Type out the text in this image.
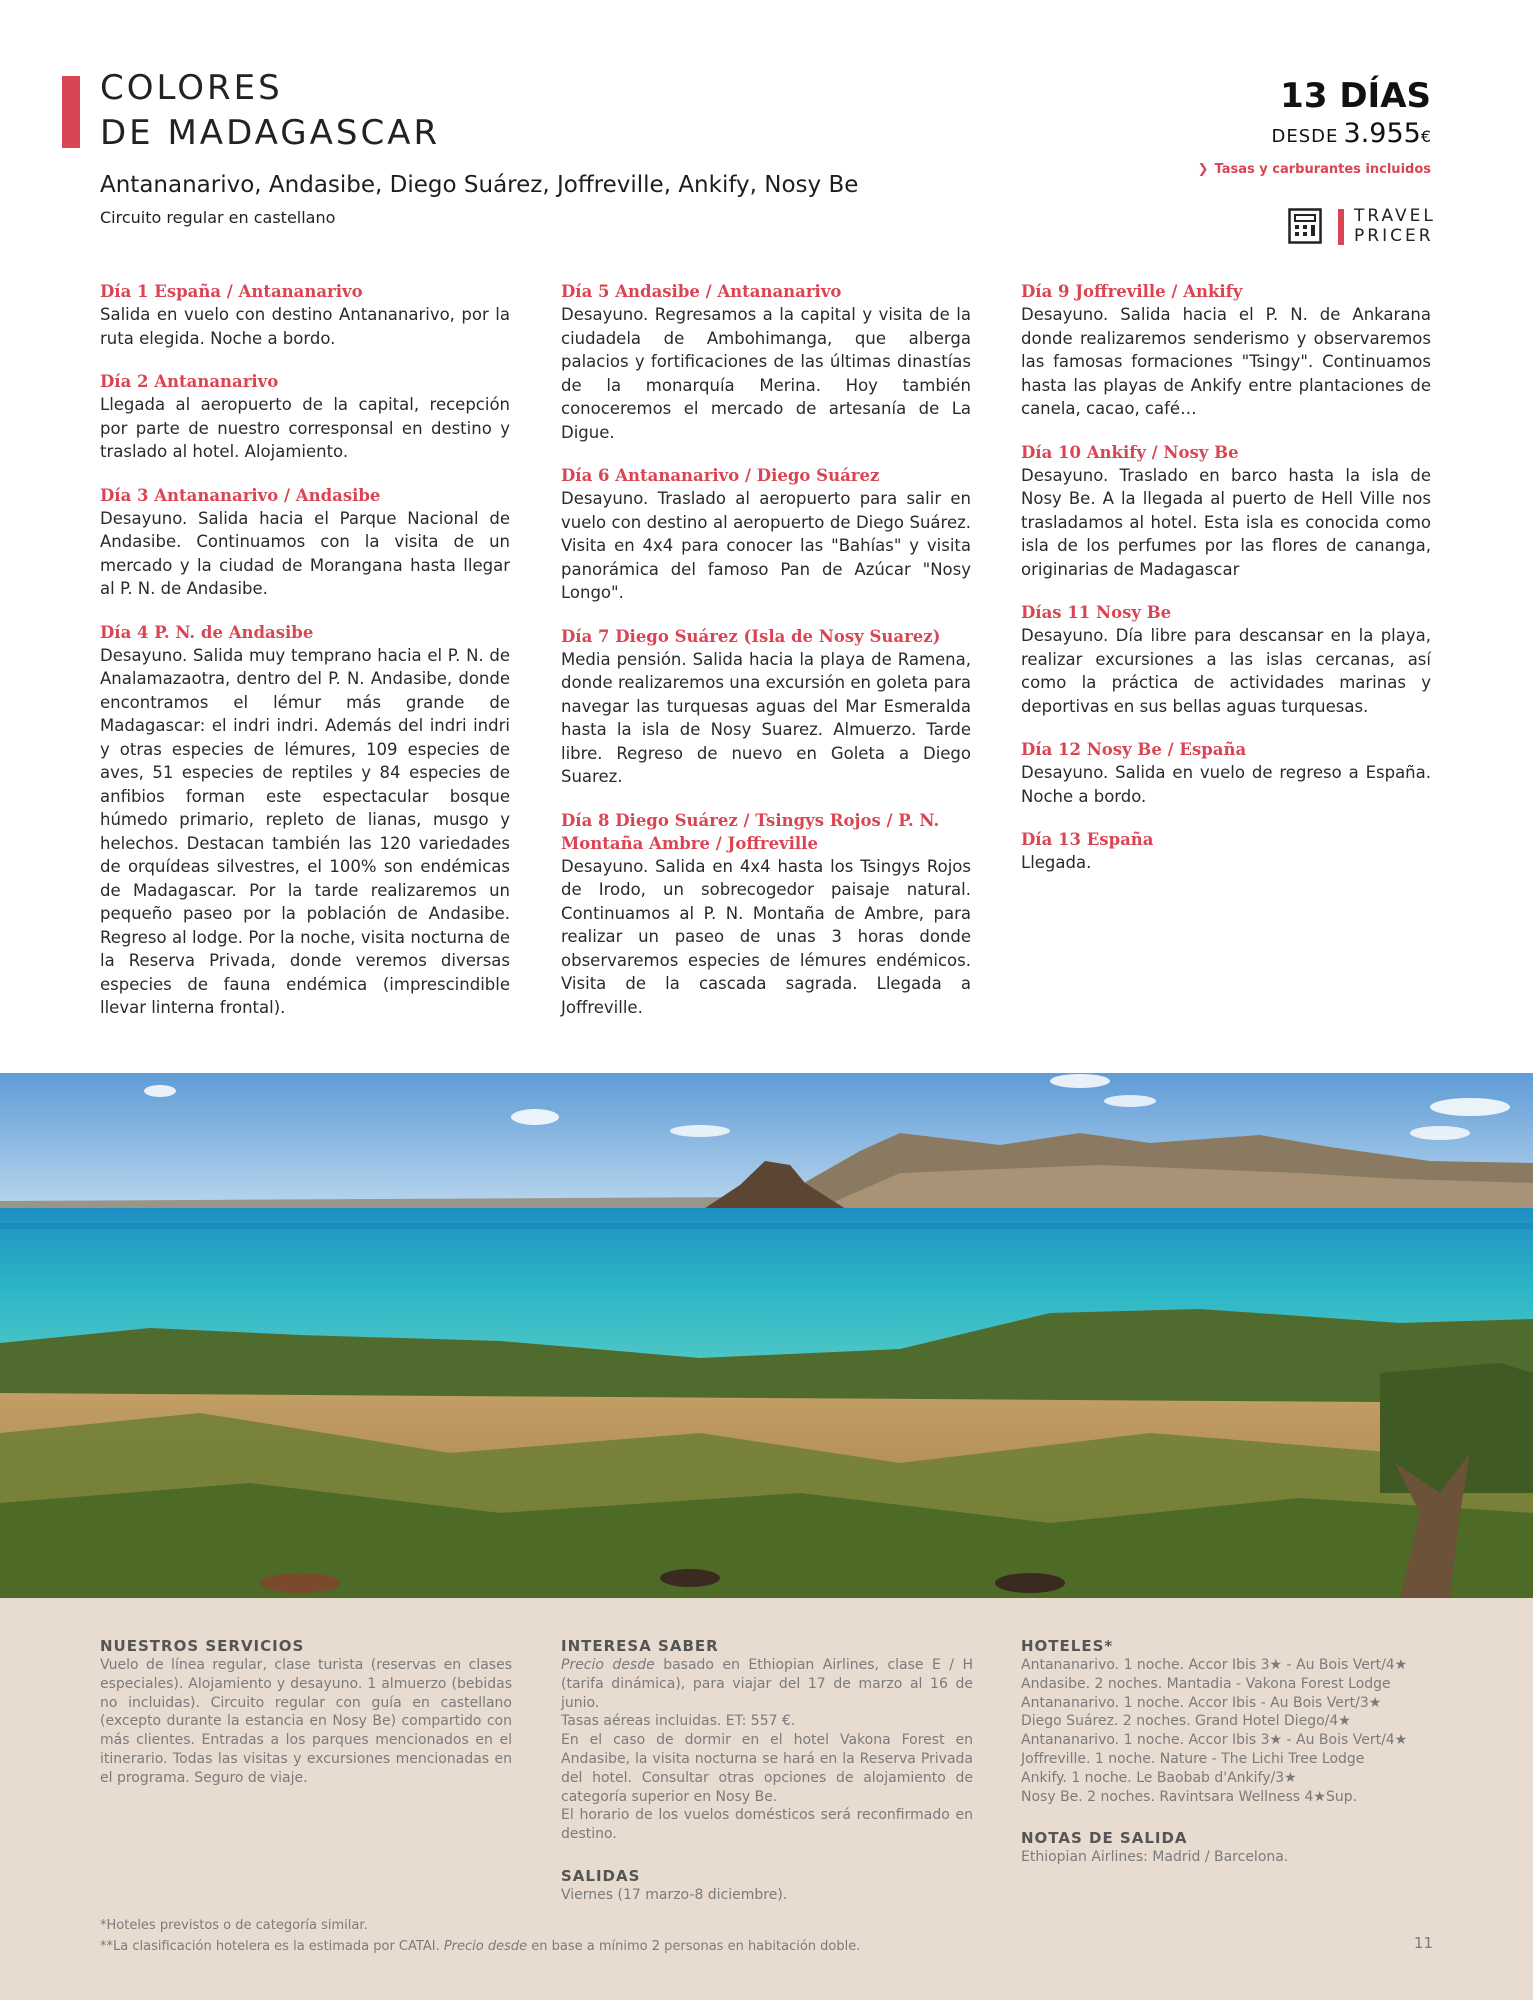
COLORES
DE MADAGASCAR
Antananarivo, Andasibe, Diego Suárez, Joffreville, Ankify, Nosy Be
Circuito regular en castellano
13 DÍAS
DESDE 3.955€
❯ Tasas y carburantes incluidos
TRAVEL
PRICER
Día 1 España / Antananarivo

Salida en vuelo con destino Antananarivo, por la ruta elegida. Noche a bordo.

Día 2 Antananarivo

Llegada al aeropuerto de la capital, recepción por parte de nuestro corresponsal en destino y traslado al hotel. Alojamiento.

Día 3 Antananarivo / Andasibe

Desayuno. Salida hacia el Parque Nacional de Andasibe. Continuamos con la visita de un mercado y la ciudad de Morangana hasta llegar al P. N. de Andasibe.

Día 4 P. N. de Andasibe

Desayuno. Salida muy temprano hacia el P. N. de Analamazaotra, dentro del P. N. Andasibe, donde encontramos el lémur más grande de Madagascar: el indri indri. Además del indri indri y otras especies de lémures, 109 especies de aves, 51 especies de reptiles y 84 especies de anfibios forman este espectacular bosque húmedo primario, repleto de lianas, musgo y helechos. Destacan también las 120 variedades de orquídeas silvestres, el 100% son endémicas de Madagascar. Por la tarde realizaremos un pequeño paseo por la población de Andasibe. Regreso al lodge. Por la noche, visita nocturna de la Reserva Privada, donde veremos diversas especies de fauna endémica (imprescindible llevar linterna frontal).

Día 5 Andasibe / Antananarivo

Desayuno. Regresamos a la capital y visita de la ciudadela de Ambohimanga, que alberga palacios y fortificaciones de las últimas dinastías de la monarquía Merina. Hoy también conoceremos el mercado de artesanía de La Digue.

Día 6 Antananarivo / Diego Suárez

Desayuno. Traslado al aeropuerto para salir en vuelo con destino al aeropuerto de Diego Suárez. Visita en 4x4 para conocer las "Bahías" y visita panorámica del famoso Pan de Azúcar "Nosy Longo".

Día 7 Diego Suárez (Isla de Nosy Suarez)

Media pensión. Salida hacia la playa de Ramena, donde realizaremos una excursión en goleta para navegar las turquesas aguas del Mar Esmeralda hasta la isla de Nosy Suarez. Almuerzo. Tarde libre. Regreso de nuevo en Goleta a Diego Suarez.

Día 8 Diego Suárez / Tsingys Rojos / P. N. Montaña Ambre / Joffreville

Desayuno. Salida en 4x4 hasta los Tsingys Rojos de Irodo, un sobrecogedor paisaje natural. Continuamos al P. N. Montaña de Ambre, para realizar un paseo de unas 3 horas donde observaremos especies de lémures endémicos. Visita de la cascada sagrada. Llegada a Joffreville.

Día 9 Joffreville / Ankify

Desayuno. Salida hacia el P. N. de Ankarana donde realizaremos senderismo y observaremos las famosas formaciones "Tsingy". Continuamos hasta las playas de Ankify entre plantaciones de canela, cacao, café…

Día 10 Ankify / Nosy Be

Desayuno. Traslado en barco hasta la isla de Nosy Be. A la llegada al puerto de Hell Ville nos trasladamos al hotel. Esta isla es conocida como isla de los perfumes por las flores de cananga, originarias de Madagascar

Días 11 Nosy Be

Desayuno. Día libre para descansar en la playa, realizar excursiones a las islas cercanas, así como la práctica de actividades marinas y deportivas en sus bellas aguas turquesas.

Día 12 Nosy Be / España

Desayuno. Salida en vuelo de regreso a España. Noche a bordo.

Día 13 España

Llegada.

NUESTROS SERVICIOS

Vuelo de línea regular, clase turista (reservas en clases especiales). Alojamiento y desayuno. 1 almuerzo (bebidas no incluidas). Circuito regular con guía en castellano (excepto durante la estancia en Nosy Be) compartido con más clientes. Entradas a los parques mencionados en el itinerario. Todas las visitas y excursiones mencionadas en el programa. Seguro de viaje.

INTERESA SABER

Precio desde basado en Ethiopian Airlines, clase E / H (tarifa dinámica), para viajar del 17 de marzo al 16 de junio.

Tasas aéreas incluidas. ET: 557 €.

En el caso de dormir en el hotel Vakona Forest en Andasibe, la visita nocturna se hará en la Reserva Privada del hotel. Consultar otras opciones de alojamiento de categoría superior en Nosy Be.

El horario de los vuelos domésticos será reconfirmado en destino.

SALIDAS

Viernes (17 marzo-8 diciembre).

HOTELES*
Antananarivo. 1 noche. Accor Ibis 3★ - Au Bois Vert/4★
Andasibe. 2 noches. Mantadia - Vakona Forest Lodge
Antananarivo. 1 noche. Accor Ibis - Au Bois Vert/3★
Diego Suárez. 2 noches. Grand Hotel Diego/4★
Antananarivo. 1 noche. Accor Ibis 3★ - Au Bois Vert/4★
Joffreville. 1 noche. Nature - The Lichi Tree Lodge
Ankify. 1 noche. Le Baobab d'Ankify/3★
Nosy Be. 2 noches. Ravintsara Wellness 4★Sup.
NOTAS DE SALIDA

Ethiopian Airlines: Madrid / Barcelona.

*Hoteles previstos o de categoría similar.
**La clasificación hotelera es la estimada por CATAI. Precio desde en base a mínimo 2 personas en habitación doble.	11
